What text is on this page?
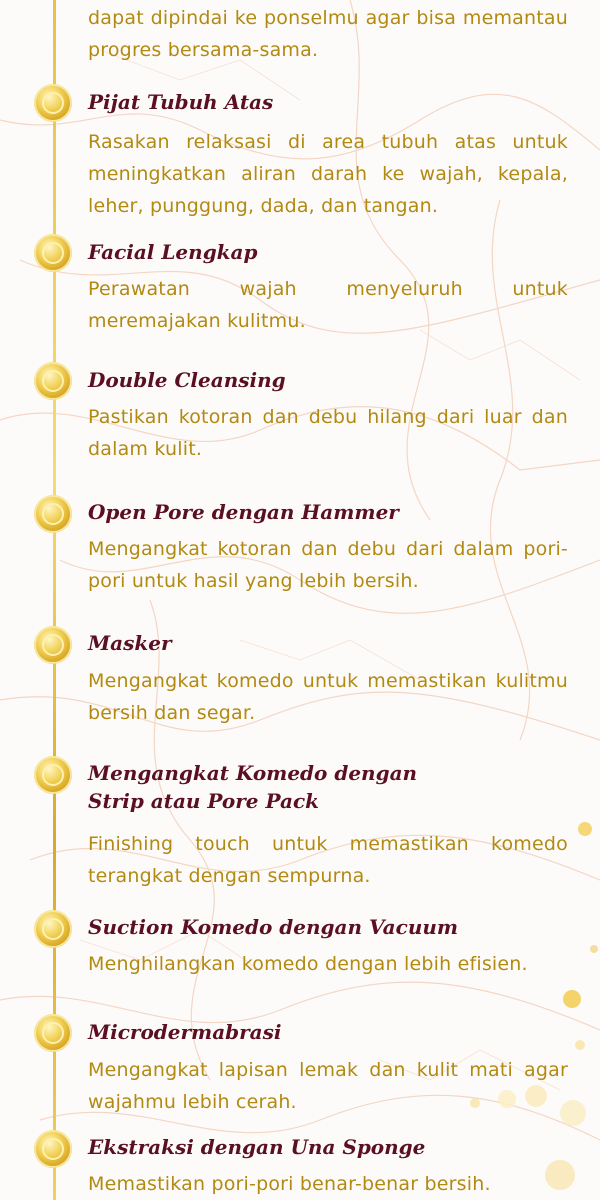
dapat dipindai ke ponselmu agar bisa memantau progres bersama-sama.
Pijat Tubuh Atas
Rasakan relaksasi di area tubuh atas untuk meningkatkan aliran darah ke wajah, kepala, leher, punggung, dada, dan tangan.
Facial Lengkap
Perawatan wajah menyeluruh untuk meremajakan kulitmu.
Double Cleansing
Pastikan kotoran dan debu hilang dari luar dan dalam kulit.
Open Pore dengan Hammer
Mengangkat kotoran dan debu dari dalam pori-pori untuk hasil yang lebih bersih.
Masker
Mengangkat komedo untuk memastikan kulitmu bersih dan segar.
Mengangkat Komedo dengan
Strip atau Pore Pack
Finishing touch untuk memastikan komedo terangkat dengan sempurna.
Suction Komedo dengan Vacuum
Menghilangkan komedo dengan lebih efisien.
Microdermabrasi
Mengangkat lapisan lemak dan kulit mati agar wajahmu lebih cerah.
Ekstraksi dengan Una Sponge
Memastikan pori-pori benar-benar bersih.
